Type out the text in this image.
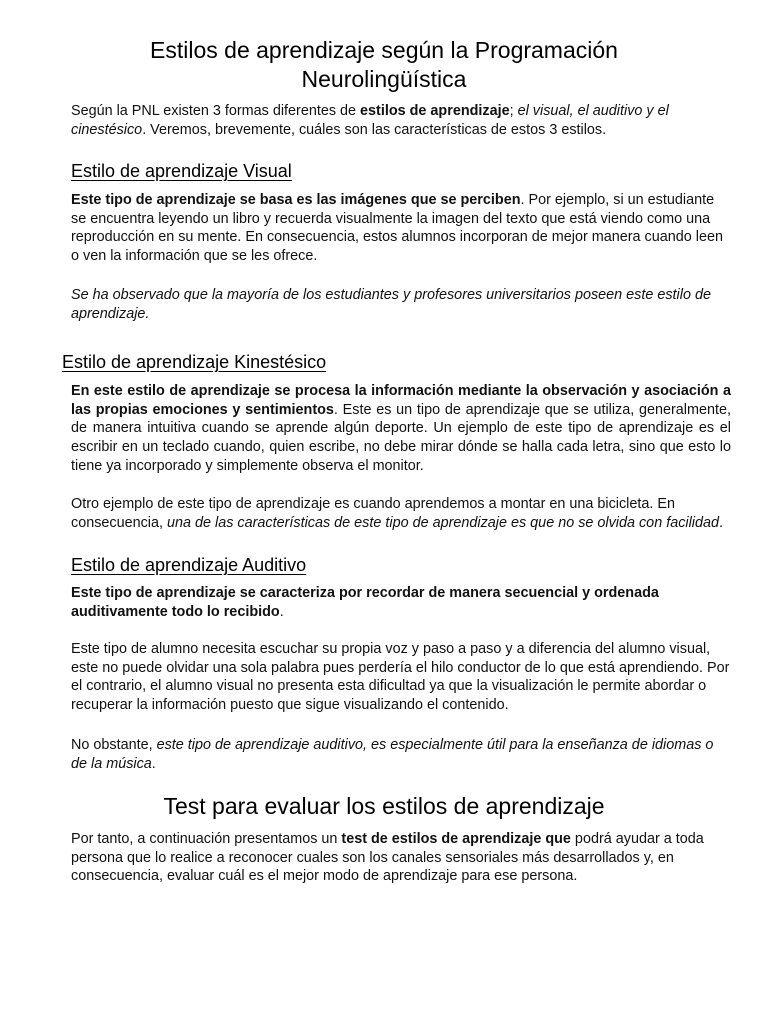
Estilos de aprendizaje según la Programación Neurolingüística

Según la PNL existen 3 formas diferentes de estilos de aprendizaje; el visual, el auditivo y el cinestésico. Veremos, brevemente, cuáles son las características de estos 3 estilos.

Estilo de aprendizaje Visual

Este tipo de aprendizaje se basa es las imágenes que se perciben. Por ejemplo, si un estudiante se encuentra leyendo un libro y recuerda visualmente la imagen del texto que está viendo como una reproducción en su mente. En consecuencia, estos alumnos incorporan de mejor manera cuando leen o ven la información que se les ofrece.

Se ha observado que la mayoría de los estudiantes y profesores universitarios poseen este estilo de aprendizaje.

Estilo de aprendizaje Kinestésico

En este estilo de aprendizaje se procesa la información mediante la observación y asociación a las propias emociones y sentimientos. Este es un tipo de aprendizaje que se utiliza, generalmente, de manera intuitiva cuando se aprende algún deporte. Un ejemplo de este tipo de aprendizaje es el escribir en un teclado cuando, quien escribe, no debe mirar dónde se halla cada letra, sino que esto lo tiene ya incorporado y simplemente observa el monitor.

Otro ejemplo de este tipo de aprendizaje es cuando aprendemos a montar en una bicicleta. En consecuencia, una de las características de este tipo de aprendizaje es que no se olvida con facilidad.

Estilo de aprendizaje Auditivo

Este tipo de aprendizaje se caracteriza por recordar de manera secuencial y ordenada auditivamente todo lo recibido.

Este tipo de alumno necesita escuchar su propia voz y paso a paso y a diferencia del alumno visual, este no puede olvidar una sola palabra pues perdería el hilo conductor de lo que está aprendiendo. Por el contrario, el alumno visual no presenta esta dificultad ya que la visualización le permite abordar o recuperar la información puesto que sigue visualizando el contenido.

No obstante, este tipo de aprendizaje auditivo, es especialmente útil para la enseñanza de idiomas o de la música.

Test para evaluar los estilos de aprendizaje

Por tanto, a continuación presentamos un test de estilos de aprendizaje que podrá ayudar a toda persona que lo realice a reconocer cuales son los canales sensoriales más desarrollados y, en consecuencia, evaluar cuál es el mejor modo de aprendizaje para ese persona.
